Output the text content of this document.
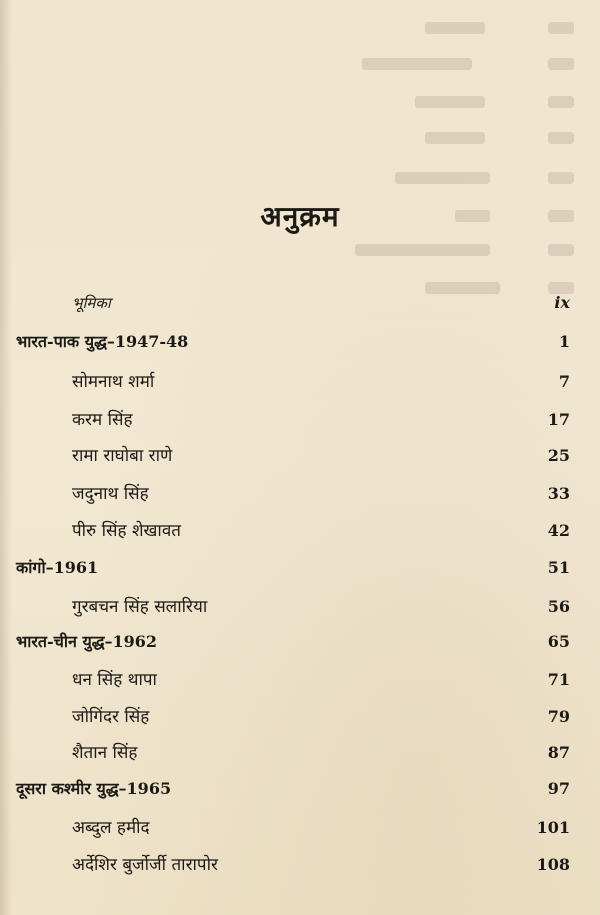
अनुक्रम
भूमिका	ix
भारत-पाक युद्ध–1947-48	1
सोमनाथ शर्मा	7
करम सिंह	17
रामा राघोबा राणे	25
जदुनाथ सिंह	33
पीरु सिंह शेखावत	42
कांगो–1961	51
गुरबचन सिंह सलारिया	56
भारत-चीन युद्ध–1962	65
धन सिंह थापा	71
जोगिंदर सिंह	79
शैतान सिंह	87
दूसरा कश्मीर युद्ध–1965	97
अब्दुल हमीद	101
अर्देशिर बुर्जोर्जी तारापोर	108
